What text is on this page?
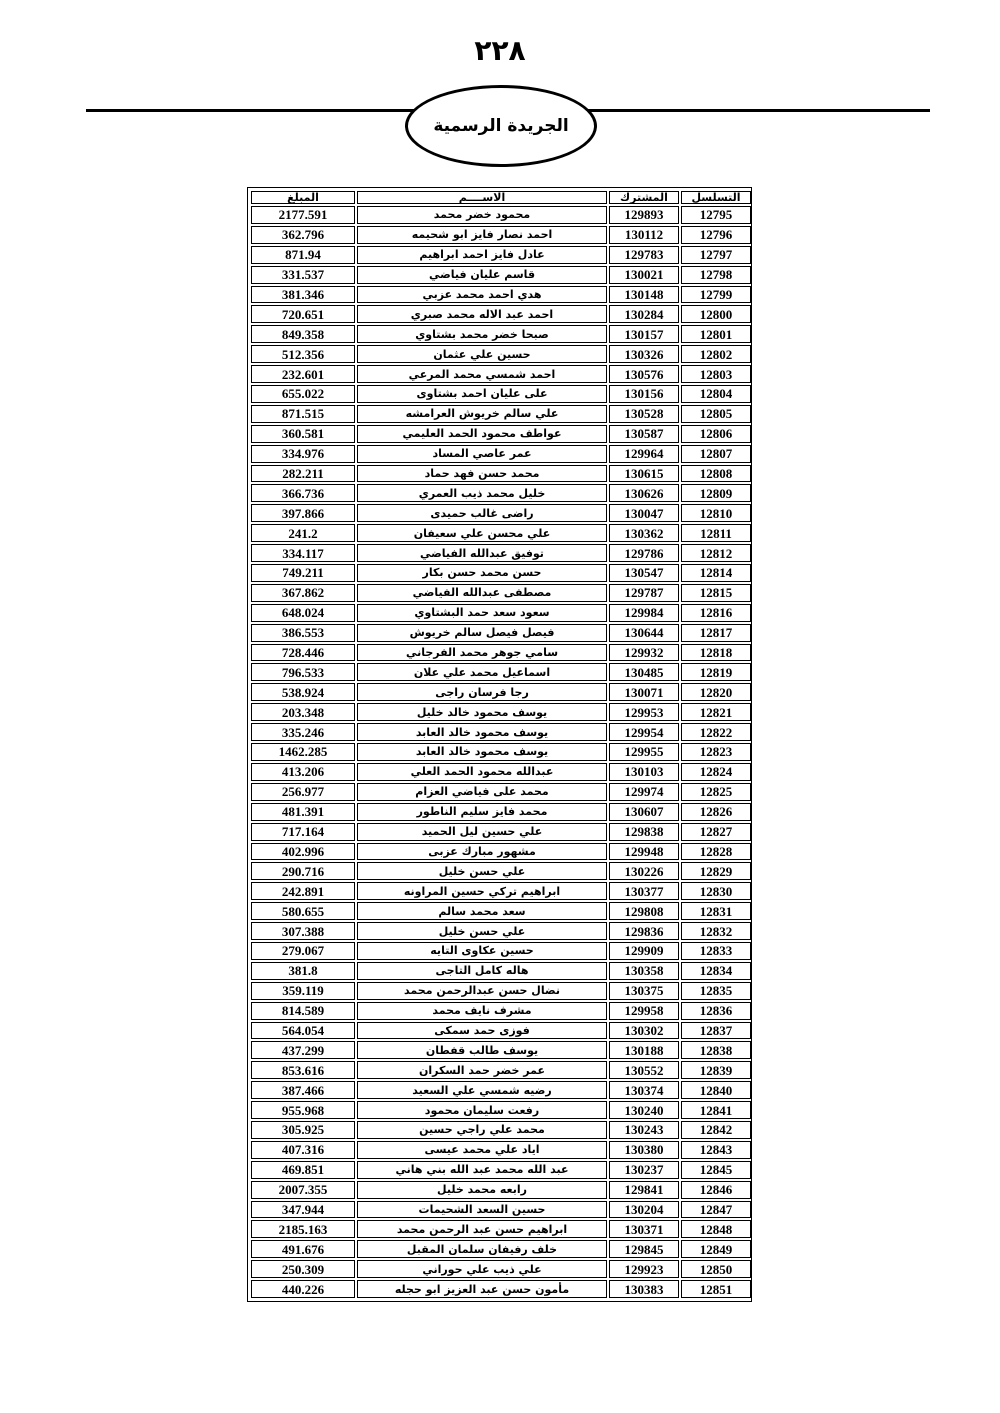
٢٢٨
الجريدة الرسمية
المبلغ	الاســــم	المشترك	التسلسل
2177.591	محمود خضر محمد	129893	12795
362.796	احمد نصار فايز ابو شحيمه	130112	12796
871.94	عادل فايز احمد ابراهيم	129783	12797
331.537	قاسم عليان فياضي	130021	12798
381.346	هدي احمد محمد عزبي	130148	12799
720.651	احمد عبد الاله محمد صبري	130284	12800
849.358	صبحا خضر محمد بشتاوي	130157	12801
512.356	حسين علي عثمان	130326	12802
232.601	احمد شمسي محمد المرعي	130576	12803
655.022	على عليان احمد بشتاوى	130156	12804
871.515	علي سالم خريوش العرامشه	130528	12805
360.581	عواطف محمود الحمد العليمي	130587	12806
334.976	عمر عاصي المساد	129964	12807
282.211	محمد حسن فهد حماد	130615	12808
366.736	خليل محمد ذيب العمري	130626	12809
397.866	راضى غالب حميدى	130047	12810
241.2	علي محسن علي سعيفان	130362	12811
334.117	توفيق عبدالله الفياضي	129786	12812
749.211	حسن محمد حسن بكار	130547	12814
367.862	مصطفى عبدالله الفياضي	129787	12815
648.024	سعود سعد حمد البشتاوي	129984	12816
386.553	فيصل فيصل سالم خريوش	130644	12817
728.446	سامي جوهر محمد الفرجاني	129932	12818
796.533	اسماعيل محمد علي علان	130485	12819
538.924	رجا فرسان راجى	130071	12820
203.348	يوسف محمود خالد خليل	129953	12821
335.246	يوسف محمود خالد العابد	129954	12822
1462.285	يوسف محمود خالد العابد	129955	12823
413.206	عبدالله محمود الحمد العلي	130103	12824
256.977	محمد على فياضي العزام	129974	12825
481.391	محمد فايز سليم الناطور	130607	12826
717.164	علي حسين ليل الحميد	129838	12827
402.996	مشهور مبارك عزبى	129948	12828
290.716	علي حسن خليل	130226	12829
242.891	ابراهيم تركي حسين المراونه	130377	12830
580.655	سعد محمد سالم	129808	12831
307.388	علي حسن خليل	129836	12832
279.067	حسين عكاوى التايه	129909	12833
381.8	هاله كامل التاجى	130358	12834
359.119	نضال حسن عبدالرحمن محمد	130375	12835
814.589	مشرف نايف محمد	129958	12836
564.054	فوزى حمد سمكى	130302	12837
437.299	يوسف طالب قفطان	130188	12838
853.616	عمر خضر حمد السكران	130552	12839
387.466	رضيه شمسي علي السعيد	130374	12840
955.968	رفعت سليمان محمود	130240	12841
305.925	محمد علي راجي حسين	130243	12842
407.316	اياد علي محمد عيسى	130380	12843
469.851	عبد الله محمد عبد الله بني هاني	130237	12845
2007.355	رابعه محمد خليل	129841	12846
347.944	حسين السعد الشحيمات	130204	12847
2185.163	ابراهيم حسن عبد الرحمن محمد	130371	12848
491.676	خلف رفيفان سلمان المقبل	129845	12849
250.309	علي ذيب علي حوراني	129923	12850
440.226	مأمون حسن عبد العزيز ابو حجله	130383	12851
